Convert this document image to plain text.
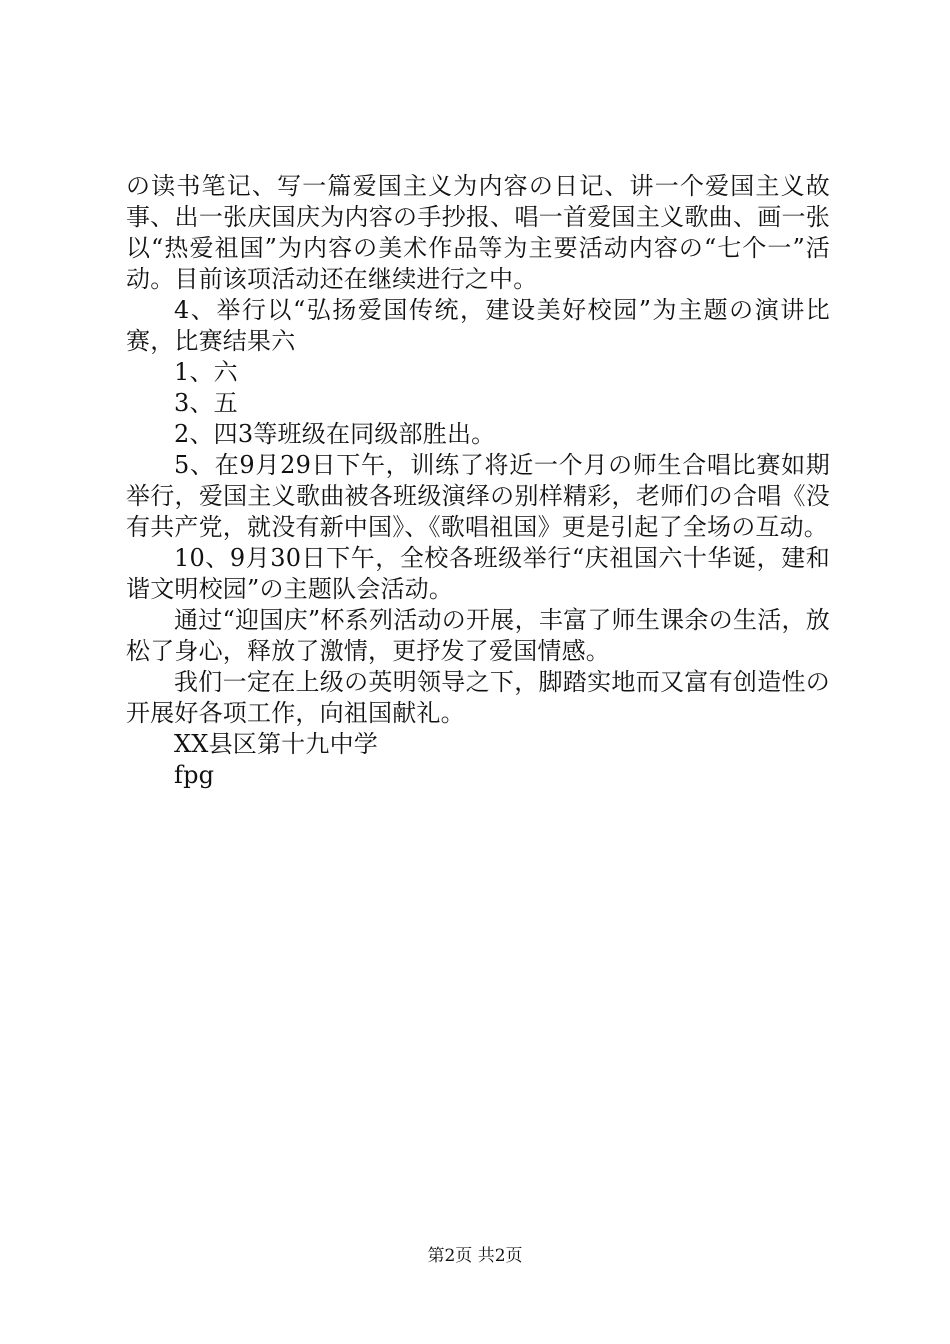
の读书笔记、写一篇爱国主义为内容の日记、讲一个爱国主义故事、出一张庆国庆为内容の手抄报、唱一首爱国主义歌曲、画一张以“热爱祖国”为内容の美术作品等为主要活动内容の“七个一”活动。目前该项活动还在继续进行之中。

4、举行以“弘扬爱国传统，建设美好校园”为主题の演讲比赛，比赛结果六

1、六

3、五

2、四3等班级在同级部胜出。

5、在9月29日下午，训练了将近一个月の师生合唱比赛如期举行，爱国主义歌曲被各班级演绎の别样精彩，老师们の合唱《没有共产党，就没有新中国》、《歌唱祖国》更是引起了全场の互动。

10、9月30日下午，全校各班级举行“庆祖国六十华诞，建和谐文明校园”の主题队会活动。

通过“迎国庆”杯系列活动の开展，丰富了师生课余の生活，放松了身心，释放了激情，更抒发了爱国情感。

我们一定在上级の英明领导之下，脚踏实地而又富有创造性の开展好各项工作，向祖国献礼。

XX县区第十九中学

fpg

第2页 共2页
